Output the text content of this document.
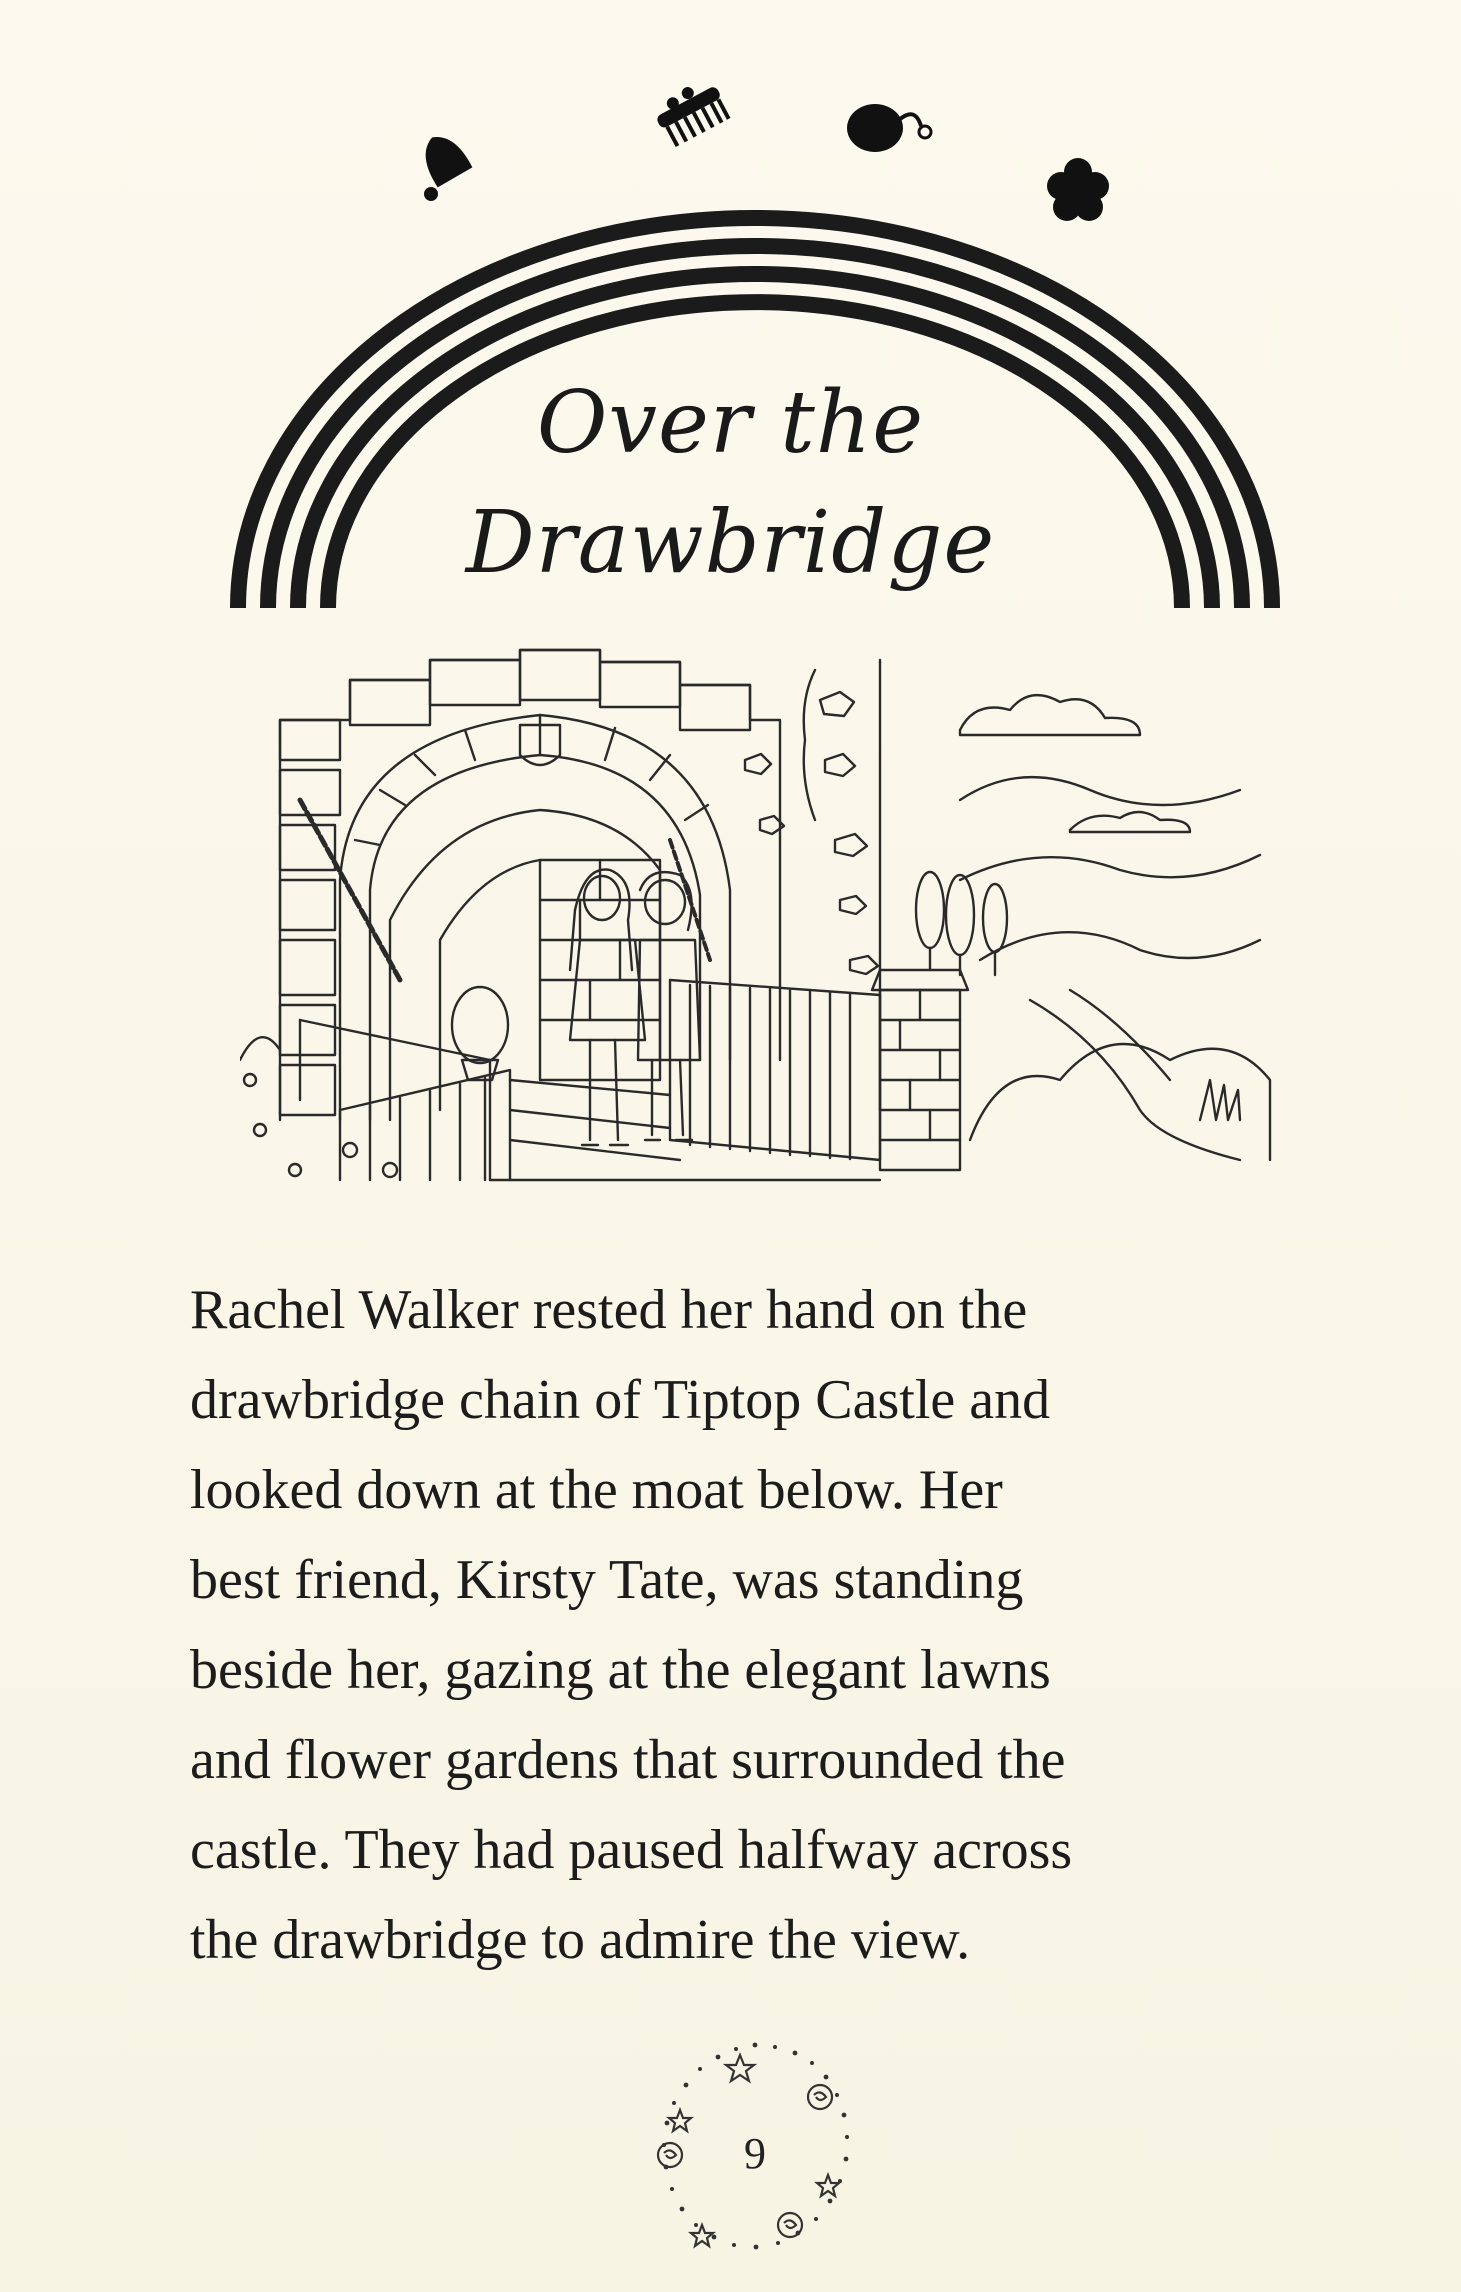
Over the
Drawbridge
Rachel Walker rested her hand on the
drawbridge chain of Tiptop Castle and
looked down at the moat below. Her
best friend, Kirsty Tate, was standing
beside her, gazing at the elegant lawns
and flower gardens that surrounded the
castle. They had paused halfway across
the drawbridge to admire the view.
9
